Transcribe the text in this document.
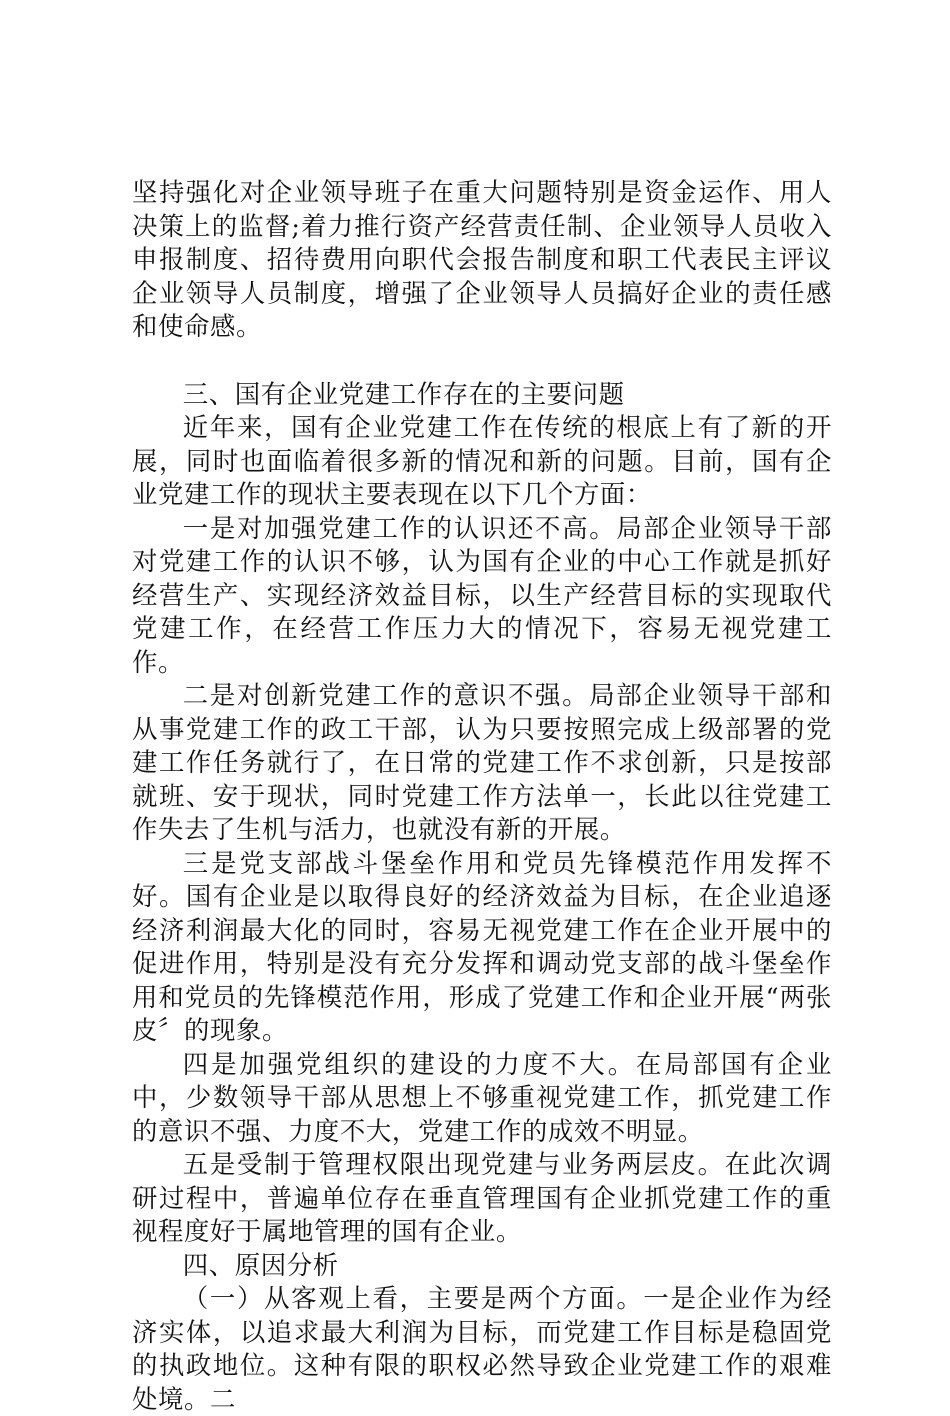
坚持强化对企业领导班子在重大问题特别是资金运作、用人决策上的监督;着力推行资产经营责任制、企业领导人员收入申报制度、招待费用向职代会报告制度和职工代表民主评议企业领导人员制度，增强了企业领导人员搞好企业的责任感和使命感。

三、国有企业党建工作存在的主要问题

近年来，国有企业党建工作在传统的根底上有了新的开展，同时也面临着很多新的情况和新的问题。目前，国有企业党建工作的现状主要表现在以下几个方面：

一是对加强党建工作的认识还不高。局部企业领导干部对党建工作的认识不够，认为国有企业的中心工作就是抓好经营生产、实现经济效益目标，以生产经营目标的实现取代党建工作，在经营工作压力大的情况下，容易无视党建工作。

二是对创新党建工作的意识不强。局部企业领导干部和从事党建工作的政工干部，认为只要按照完成上级部署的党建工作任务就行了，在日常的党建工作不求创新，只是按部就班、安于现状，同时党建工作方法单一，长此以往党建工作失去了生机与活力，也就没有新的开展。

三是党支部战斗堡垒作用和党员先锋模范作用发挥不好。国有企业是以取得良好的经济效益为目标，在企业追逐经济利润最大化的同时，容易无视党建工作在企业开展中的促进作用，特别是没有充分发挥和调动党支部的战斗堡垒作用和党员的先锋模范作用，形成了党建工作和企业开展“两张皮〞的现象。

四是加强党组织的建设的力度不大。在局部国有企业中，少数领导干部从思想上不够重视党建工作，抓党建工作的意识不强、力度不大，党建工作的成效不明显。

五是受制于管理权限出现党建与业务两层皮。在此次调研过程中，普遍单位存在垂直管理国有企业抓党建工作的重视程度好于属地管理的国有企业。

四、原因分析

（一）从客观上看，主要是两个方面。一是企业作为经济实体，以追求最大利润为目标，而党建工作目标是稳固党的执政地位。这种有限的职权必然导致企业党建工作的艰难处境。二
